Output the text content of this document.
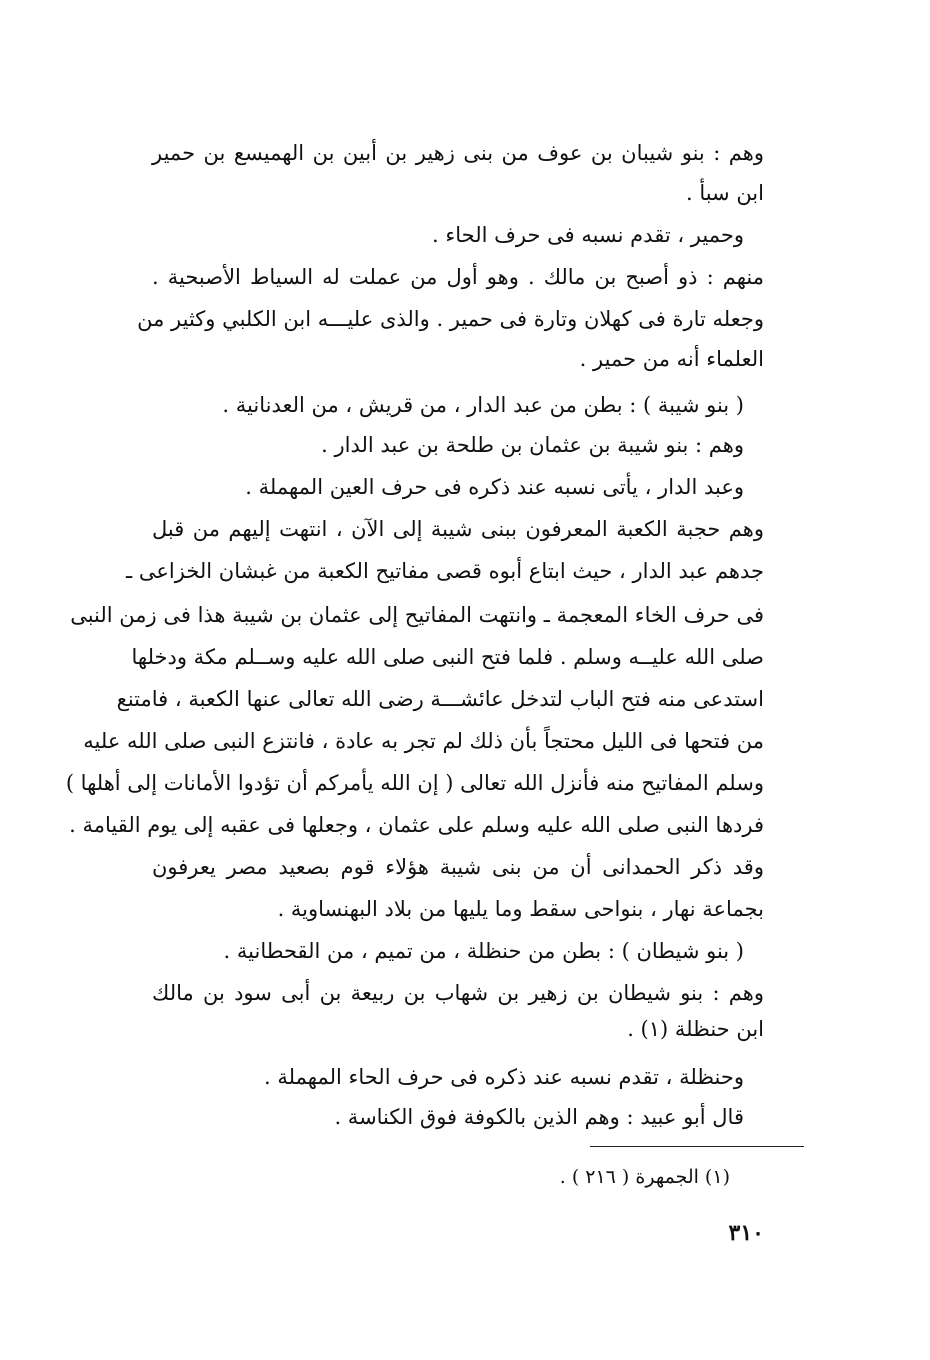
وهم : بنو شيبان بن عوف من بنى زهير بن أبين بن الهميسع بن حمير
ابن سبأ .
وحمير ، تقدم نسبه فى حرف الحاء .
منهم : ذو أصبح بن مالك . وهو أول من عملت له السياط الأصبحية .
وجعله تارة فى كهلان وتارة فى حمير . والذى عليـــه ابن الكلبي وكثير من
العلماء أنه من حمير .
( بنو شيبة ) : بطن من عبد الدار ، من قريش ، من العدنانية .
وهم : بنو شيبة بن عثمان بن طلحة بن عبد الدار .
وعبد الدار ، يأتى نسبه عند ذكره فى حرف العين المهملة .
وهم حجبة الكعبة المعرفون ببنى شيبة إلى الآن ، انتهت إليهم من قبل
جدهم عبد الدار ، حيث ابتاع أبوه قصى مفاتيح الكعبة من غبشان الخزاعى ـ
فى حرف الخاء المعجمة ـ وانتهت المفاتيح إلى عثمان بن شيبة هذا فى زمن النبى
صلى الله عليــه وسلم . فلما فتح النبى صلى الله عليه وســلم مكة ودخلها
استدعى منه فتح الباب لتدخل عائشـــة رضى الله تعالى عنها الكعبة ، فامتنع
من فتحها فى الليل محتجاً بأن ذلك لم تجر به عادة ، فانتزع النبى صلى الله عليه
وسلم المفاتيح منه فأنزل الله تعالى ( إن الله يأمركم أن تؤدوا الأمانات إلى أهلها )
فردها النبى صلى الله عليه وسلم على عثمان ، وجعلها فى عقبه إلى يوم القيامة .
وقد ذكر الحمدانى أن من بنى شيبة هؤلاء قوم بصعيد مصر يعرفون
بجماعة نهار ، بنواحى سقط وما يليها من بلاد البهنساوية .
( بنو شيطان ) : بطن من حنظلة ، من تميم ، من القحطانية .
وهم : بنو شيطان بن زهير بن شهاب بن ربيعة بن أبى سود بن مالك
ابن حنظلة (١) .
وحنظلة ، تقدم نسبه عند ذكره فى حرف الحاء المهملة .
قال أبو عبيد : وهم الذين بالكوفة فوق الكناسة .
(١) الجمهرة ( ٢١٦ ) .
٣١٠
